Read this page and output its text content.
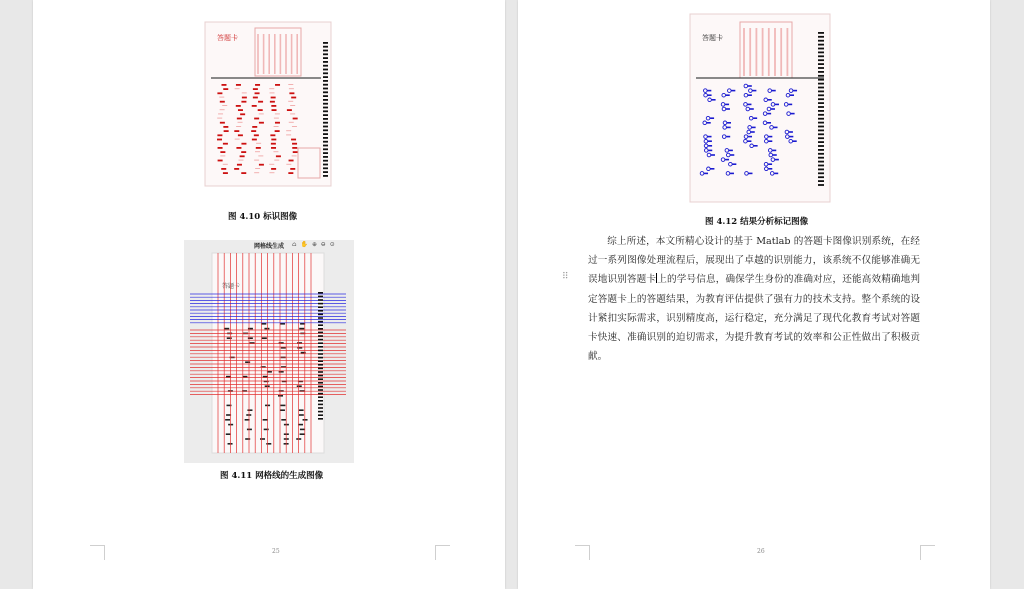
答题卡
图 4.10 标识图像
网格线生成 ⌂ ✋ ⊕ ⊖ ⊙
答题卡
图 4.11 网格线的生成图像
25
答题卡
图 4.12 结果分析标记图像

综上所述，本文所精心设计的基于 Matlab 的答题卡图像识别系统，在经过一系列图像处理流程后，展现出了卓越的识别能力，该系统不仅能够准确无误地识别答题卡上的学号信息，确保学生身份的准确对应，还能高效精确地判定答题卡上的答题结果，为教育评估提供了强有力的技术支持。整个系统的设计紧扣实际需求，识别精度高，运行稳定，充分满足了现代化教育考试对答题卡快速、准确识别的迫切需求，为提升教育考试的效率和公正性做出了积极贡献。

26
⠿
